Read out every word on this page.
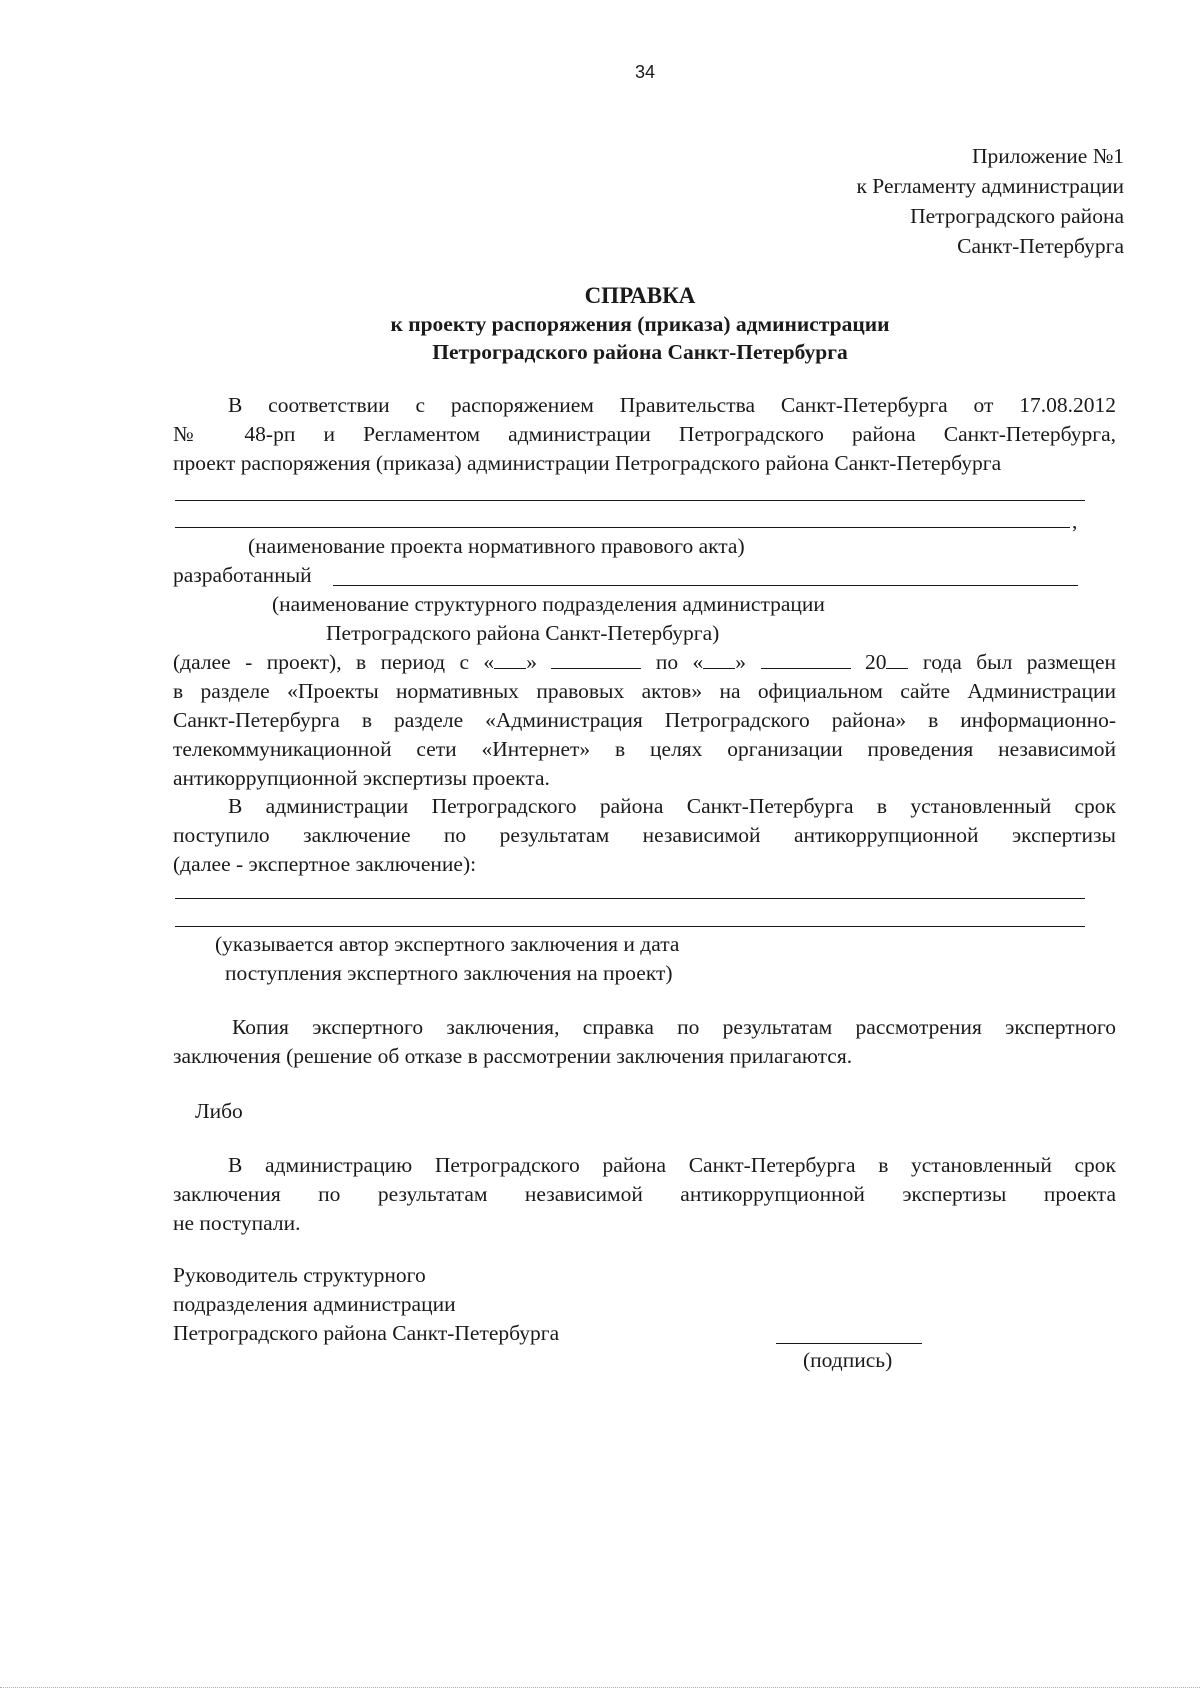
34
Приложение №1
к Регламенту администрации
Петроградского района
Санкт-Петербурга
СПРАВКА
к проекту распоряжения (приказа) администрации
Петроградского района Санкт-Петербурга
В соответствии с распоряжением Правительства Санкт-Петербурга от 17.08.2012
№ 48-рп и Регламентом администрации Петроградского района Санкт-Петербурга,
проект распоряжения (приказа) администрации Петроградского района Санкт-Петербурга
,
(наименование проекта нормативного правового акта)
разработанный
(наименование структурного подразделения администрации
Петроградского района Санкт-Петербурга)
(далее - проект), в период с « »	по « »	20 года был размещен
в разделе «Проекты нормативных правовых актов» на официальном сайте Администрации
Санкт-Петербурга в разделе «Администрация Петроградского района» в информационно-
телекоммуникационной сети «Интернет» в целях организации проведения независимой
антикоррупционной экспертизы проекта.
В администрации Петроградского района Санкт-Петербурга в установленный срок
поступило заключение по результатам независимой антикоррупционной экспертизы
(далее - экспертное заключение):
(указывается автор экспертного заключения и дата
поступления экспертного заключения на проект)
Копия экспертного заключения, справка по результатам рассмотрения экспертного
заключения (решение об отказе в рассмотрении заключения прилагаются.
Либо
В администрацию Петроградского района Санкт-Петербурга в установленный срок
заключения по результатам независимой антикоррупционной экспертизы проекта
не поступали.
Руководитель структурного
подразделения администрации
Петроградского района Санкт-Петербурга
(подпись)
